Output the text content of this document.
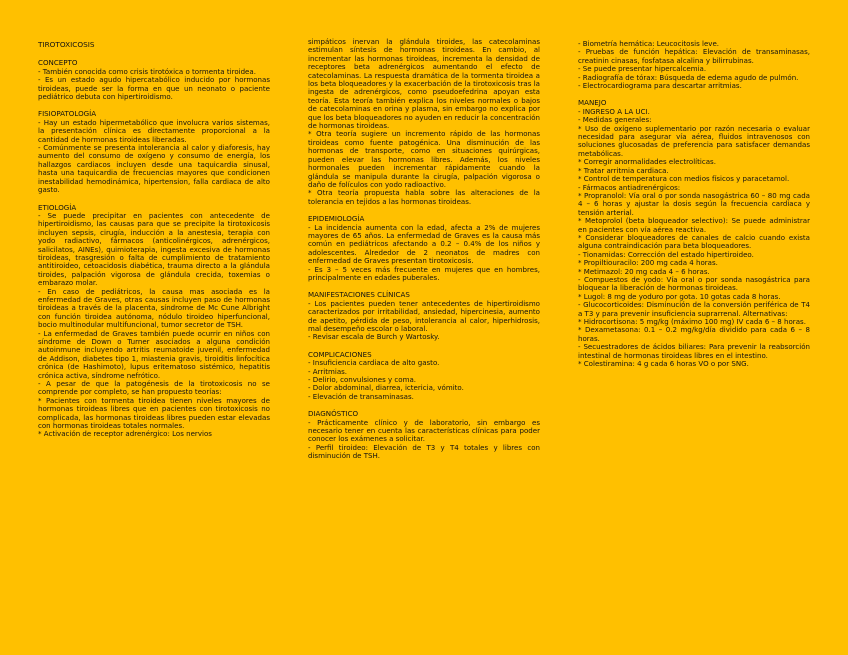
TIROTOXICOSIS

CONCEPTO

- También conocida como crisis tirotóxica o tormenta tiroidea.

- Es un estado agudo hipercatabólico inducido por hormonas tiroideas, puede ser la forma en que un neonato o paciente pediátrico debuta con hipertiroidismo.

FISIOPATOLOGÍA

- Hay un estado hipermetabólico que involucra varios sistemas, la presentación clínica es directamente proporcional a la cantidad de hormonas tiroideas liberadas.

- Comúnmente se presenta intolerancia al calor y diaforesis, hay aumento del consumo de oxígeno y consumo de energía, los hallazgos cardiacos incluyen desde una taquicardia sinusal, hasta una taquicardia de frecuencias mayores que condicionen inestabilidad hemodinámica, hipertension, falla cardiaca de alto gasto.

ETIOLOGÍA

- Se puede precipitar en pacientes con antecedente de hipertiroidismo, las causas para que se precipite la tirotoxicosis incluyen sepsis, cirugía, inducción a la anestesia, terapia con yodo radiactivo, fármacos (anticolinérgicos, adrenérgicos, salicilatos, AINEs), quimioterapia, ingesta excesiva de hormonas tiroideas, trasgresión o falta de cumplimiento de tratamiento antitiroideo, cetoacidosis diabética, trauma directo a la glándula tiroides, palpación vigorosa de glándula crecida, toxemias o embarazo molar.

- En caso de pediátricos, la causa mas asociada es la enfermedad de Graves, otras causas incluyen paso de hormonas tiroideas a través de la placenta, síndrome de Mc Cune Albright con función tiroidea autónoma, nódulo tiroideo hiperfuncional, bocio multinodular multifuncional, tumor secretor de TSH.

- La enfermedad de Graves también puede ocurrir en niños con síndrome de Down o Turner asociados a alguna condición autoinmune incluyendo artritis reumatoide juvenil, enfermedad de Addison, diabetes tipo 1, miastenia gravis, tiroiditis linfocítica crónica (de Hashimoto), lupus eritematoso sistémico, hepatitis crónica activa, síndrome nefrótico.

- A pesar de que la patogénesis de la tirotoxicosis no se comprende por completo, se han propuesto teorías:

* Pacientes con tormenta tiroidea tienen niveles mayores de hormonas tiroideas libres que en pacientes con tirotoxicosis no complicada, las hormonas tiroideas libres pueden estar elevadas con hormonas tiroideas totales normales.

* Activación de receptor adrenérgico: Los nervios

simpáticos inervan la glándula tiroides, las catecolaminas estimulan síntesis de hormonas tiroideas. En cambio, al incrementar las hormonas tiroideas, incrementa la densidad de receptores beta adrenérgicos aumentando el efecto de catecolaminas. La respuesta dramática de la tormenta tiroidea a los beta bloqueadores y la exacerbación de la tirotoxicosis tras la ingesta de adrenérgicos, como pseudoefedrina apoyan esta teoría. Esta teoría también explica los niveles normales o bajos de catecolaminas en orina y plasma, sin embargo no explica por que los beta bloqueadores no ayuden en reducir la concentración de hormonas tiroideas.

* Otra teoría sugiere un incremento rápido de las hormonas tiroideas como fuente patogénica. Una disminución de las hormonas de transporte, como en situaciones quirúrgicas, pueden elevar las hormonas libres. Además, los niveles hormonales pueden incrementar rápidamente cuando la glándula se manipula durante la cirugía, palpación vigorosa o daño de folículos con yodo radioactivo.

* Otra teoría propuesta habla sobre las alteraciones de la tolerancia en tejidos a las hormonas tiroideas.

EPIDEMIOLOGÍA

- La incidencia aumenta con la edad, afecta a 2% de mujeres mayores de 65 años. La enfermedad de Graves es la causa más común en pediátricos afectando a 0.2 – 0.4% de los niños y adolescentes. Alrededor de 2 neonatos de madres con enfermedad de Graves presentan tirotoxicosis.

- Es 3 – 5 veces más frecuente en mujeres que en hombres, principalmente en edades puberales.

MANIFESTACIONES CLÍNICAS

- Los pacientes pueden tener antecedentes de hipertiroidismo caracterizados por irritabilidad, ansiedad, hipercinesia, aumento de apetito, pérdida de peso, intolerancia al calor, hiperhidrosis, mal desempeño escolar o laboral.

- Revisar escala de Burch y Wartosky.

COMPLICACIONES

- Insuficiencia cardiaca de alto gasto.

- Arritmias.

- Delirio, convulsiones y coma.

- Dolor abdominal, diarrea, ictericia, vómito.

- Elevación de transaminasas.

DIAGNÓSTICO

- Prácticamente clínico y de laboratorio, sin embargo es necesario tener en cuenta las características clínicas para poder conocer los exámenes a solicitar.

- Perfil tiroideo: Elevación de T3 y T4 totales y libres con disminución de TSH.

- Biometría hemática: Leucocitosis leve.

- Pruebas de función hepática: Elevación de transaminasas, creatinin cinasas, fosfatasa alcalina y bilirrubinas.

- Se puede presentar hipercalcemia.

- Radiografía de tórax: Búsqueda de edema agudo de pulmón.

- Electrocardiograma para descartar arritmias.

MANEJO

- INGRESO A LA UCI.

- Medidas generales:

* Uso de oxígeno suplementario por razón necesaria o evaluar necesidad para asegurar vía aérea, fluidos intravenosos con soluciones glucosadas de preferencia para satisfacer demandas metabólicas.

* Corregir anormalidades electrolíticas.

* Tratar arritmia cardiaca.

* Control de temperatura con medios físicos y paracetamol.

- Fármacos antiadrenérgicos:

* Propranolol: Vía oral o por sonda nasogástrica 60 – 80 mg cada 4 – 6 horas y ajustar la dosis según la frecuencia cardiaca y tensión arterial.

* Metoprolol (beta bloqueador selectivo): Se puede administrar en pacientes con vía aérea reactiva.

* Considerar bloqueadores de canales de calcio cuando exista alguna contraindicación para beta bloqueadores.

- Tionamidas: Corrección del estado hipertiroideo.

* Propiltiouracilo: 200 mg cada 4 horas.

* Metimazol: 20 mg cada 4 – 6 horas.

- Compuestos de yodo: Vía oral o por sonda nasogástrica para bloquear la liberación de hormonas tiroideas.

* Lugol: 8 mg de yoduro por gota. 10 gotas cada 8 horas.

- Glucocorticoides: Disminución de la conversión periférica de T4 a T3 y para prevenir insuficiencia suprarrenal. Alternativas:

* Hidrocortisona: 5 mg/kg (máximo 100 mg) IV cada 6 – 8 horas.

* Dexametasona: 0.1 – 0.2 mg/kg/día dividido para cada 6 – 8 horas.

- Secuestradores de ácidos biliares: Para prevenir la reabsorción intestinal de hormonas tiroideas libres en el intestino.

* Colestiramina: 4 g cada 6 horas VO o por SNG.
